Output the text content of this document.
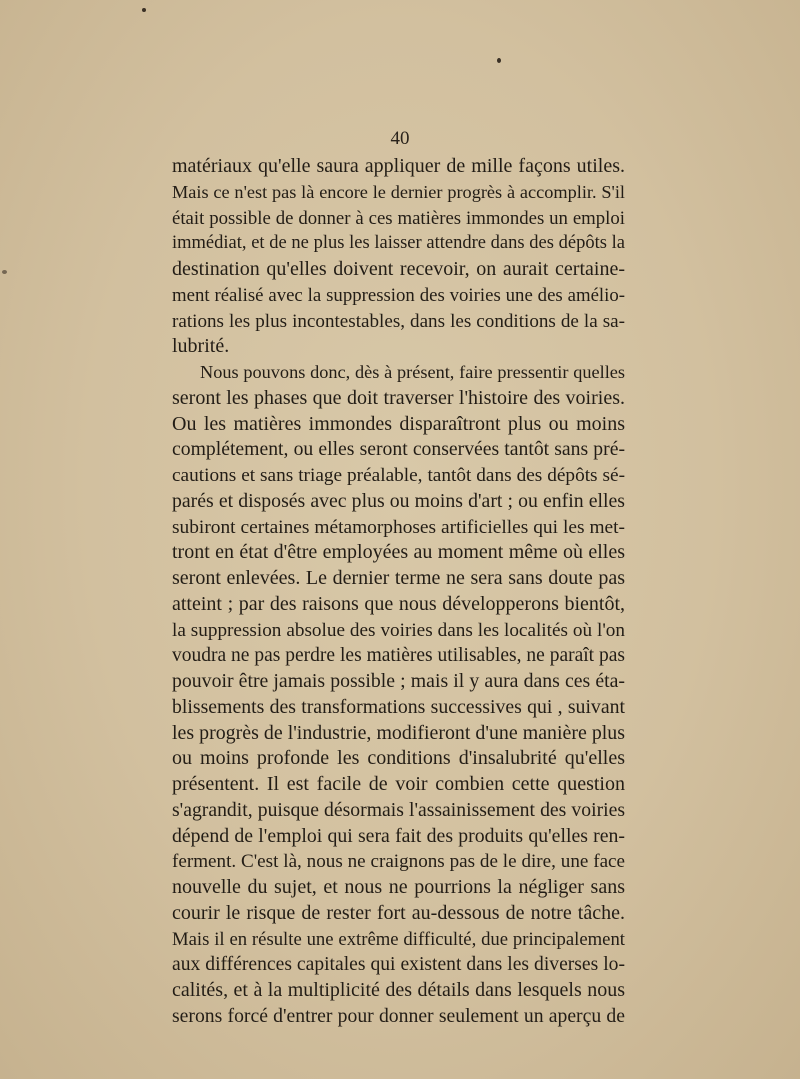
40
matériaux qu'elle saura appliquer de mille façons utiles.
Mais ce n'est pas là encore le dernier progrès à accomplir. S'il
était possible de donner à ces matières immondes un emploi
immédiat, et de ne plus les laisser attendre dans des dépôts la
destination qu'elles doivent recevoir, on aurait certaine-
ment réalisé avec la suppression des voiries une des amélio-
rations les plus incontestables, dans les conditions de la sa-
lubrité.
Nous pouvons donc, dès à présent, faire pressentir quelles
seront les phases que doit traverser l'histoire des voiries.
Ou les matières immondes disparaîtront plus ou moins
complétement, ou elles seront conservées tantôt sans pré-
cautions et sans triage préalable, tantôt dans des dépôts sé-
parés et disposés avec plus ou moins d'art ; ou enfin elles
subiront certaines métamorphoses artificielles qui les met-
tront en état d'être employées au moment même où elles
seront enlevées. Le dernier terme ne sera sans doute pas
atteint ; par des raisons que nous développerons bientôt,
la suppression absolue des voiries dans les localités où l'on
voudra ne pas perdre les matières utilisables, ne paraît pas
pouvoir être jamais possible ; mais il y aura dans ces éta-
blissements des transformations successives qui , suivant
les progrès de l'industrie, modifieront d'une manière plus
ou moins profonde les conditions d'insalubrité qu'elles
présentent. Il est facile de voir combien cette question
s'agrandit, puisque désormais l'assainissement des voiries
dépend de l'emploi qui sera fait des produits qu'elles ren-
ferment. C'est là, nous ne craignons pas de le dire, une face
nouvelle du sujet, et nous ne pourrions la négliger sans
courir le risque de rester fort au-dessous de notre tâche.
Mais il en résulte une extrême difficulté, due principalement
aux différences capitales qui existent dans les diverses lo-
calités, et à la multiplicité des détails dans lesquels nous
serons forcé d'entrer pour donner seulement un aperçu de
